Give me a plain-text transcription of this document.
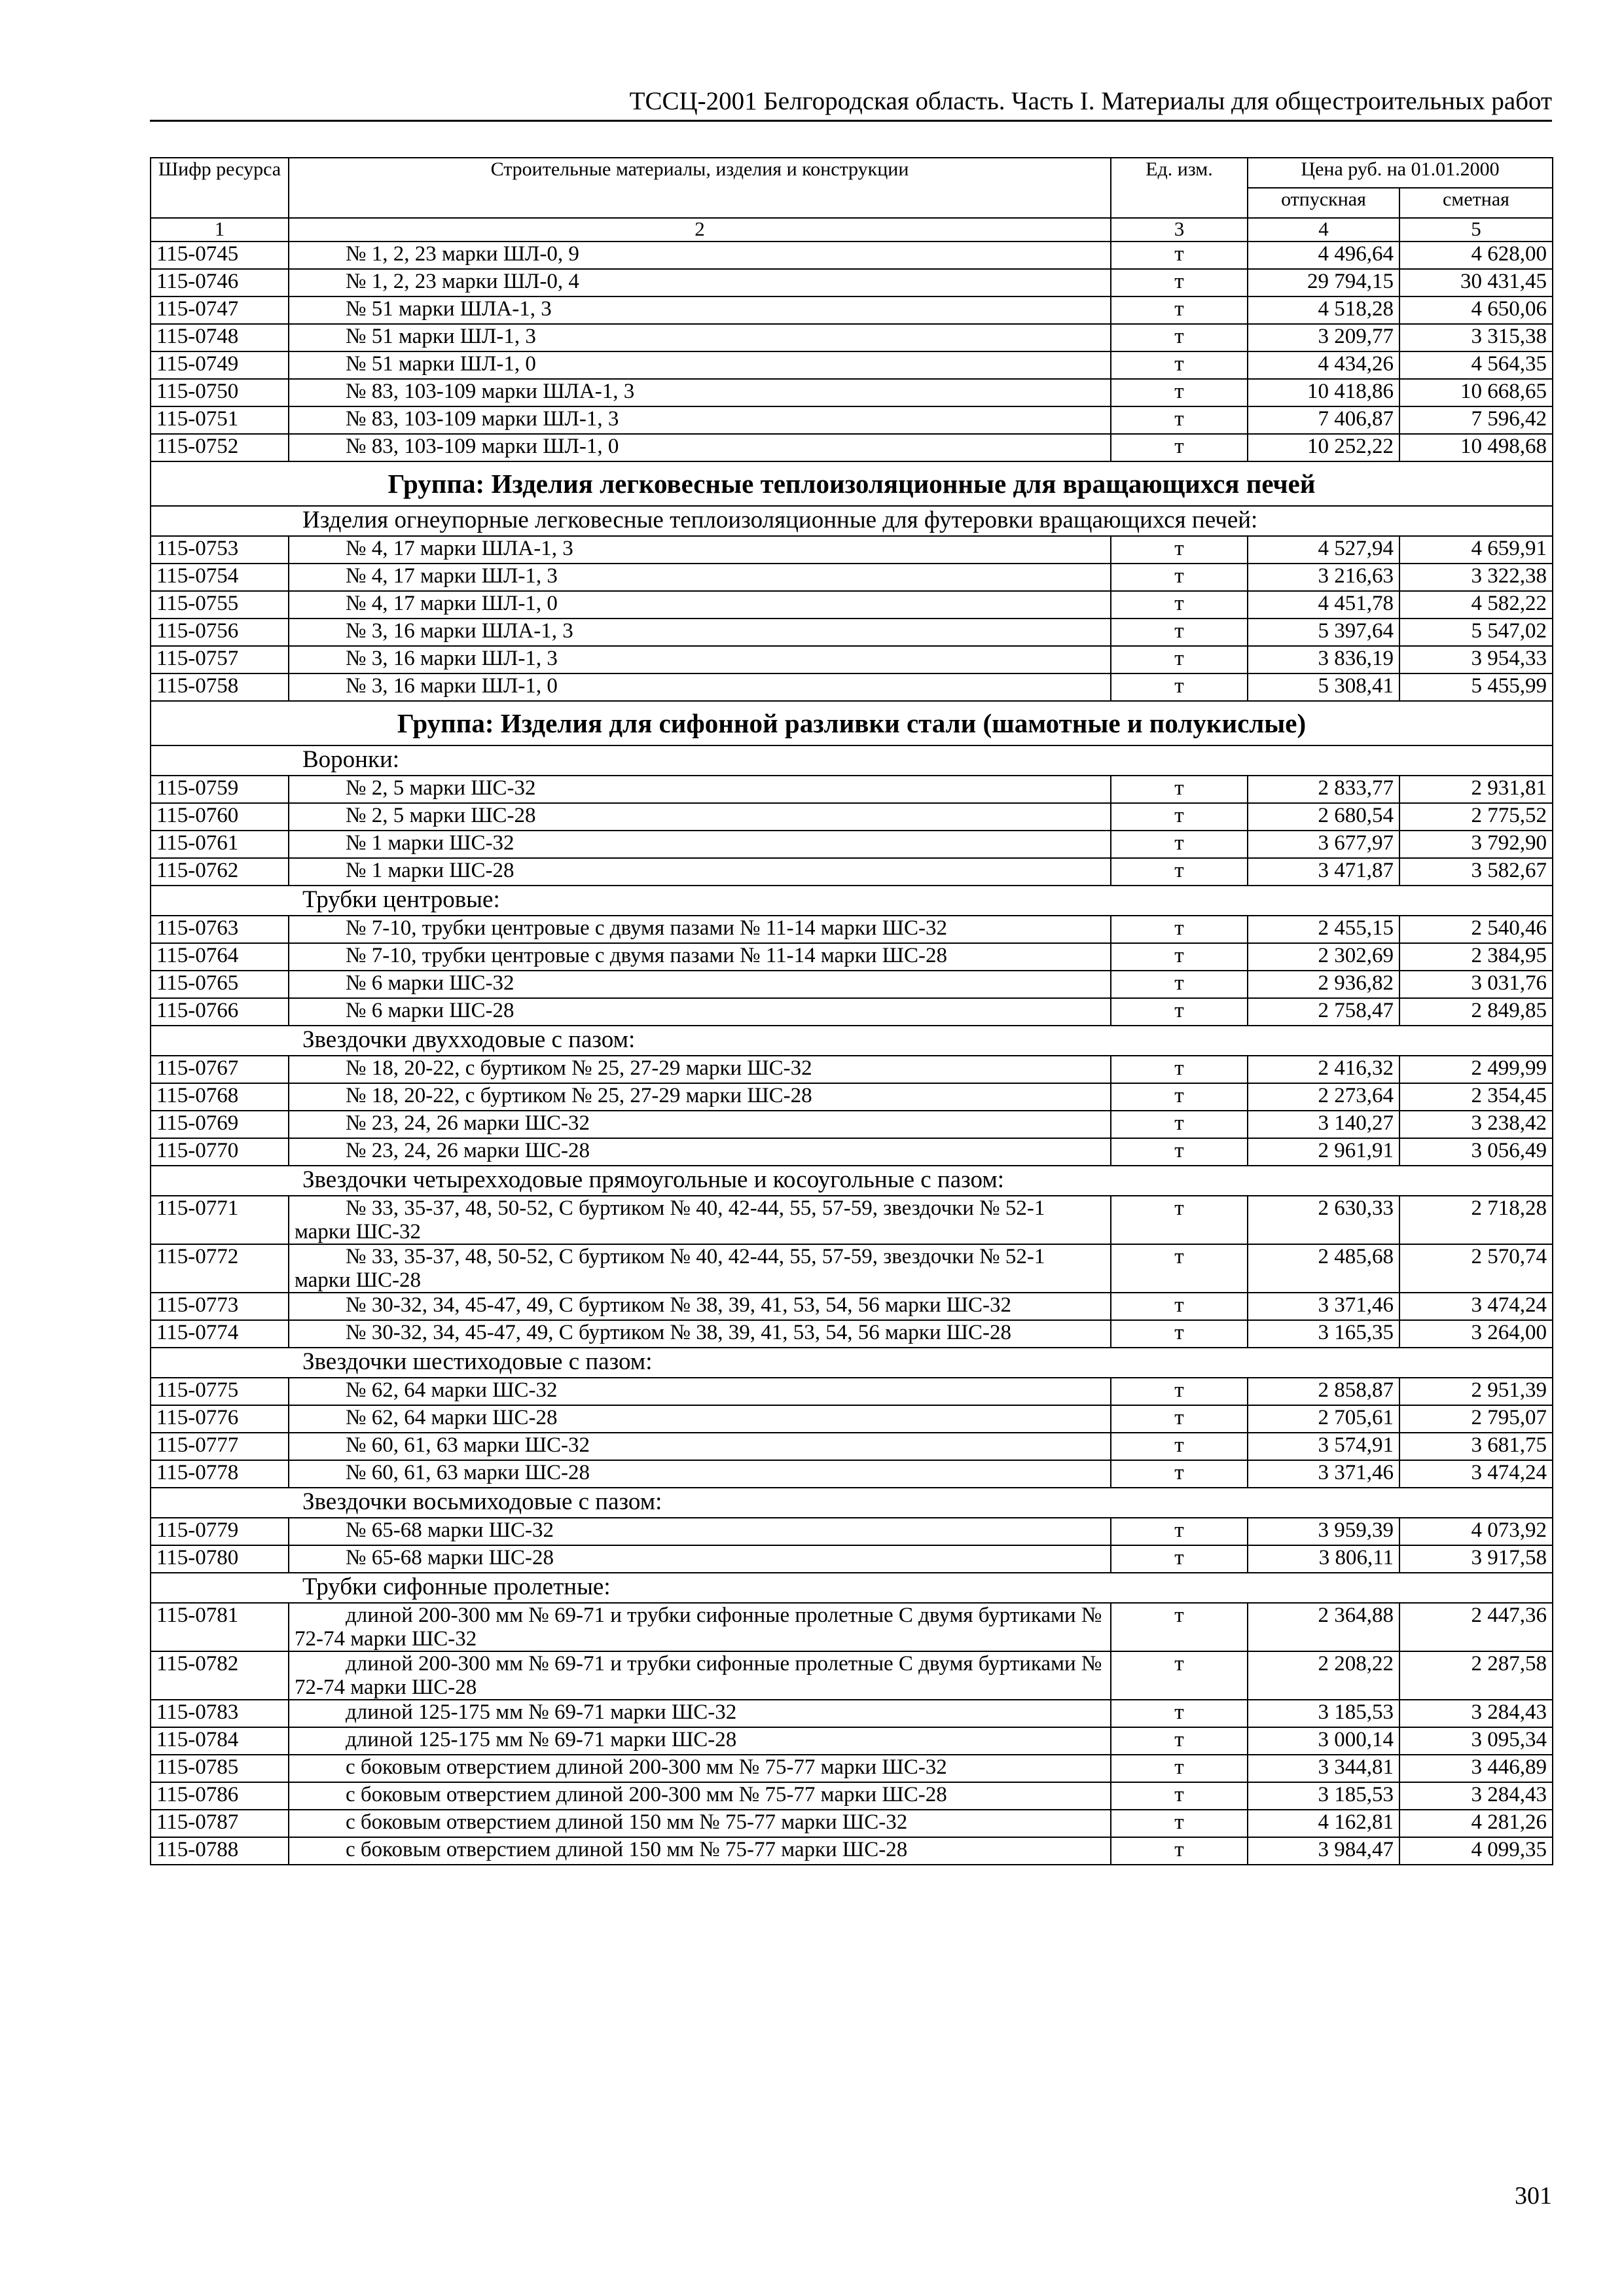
ТССЦ-2001 Белгородская область. Часть I. Материалы для общестроительных работ
Шифр ресурса	Строительные материалы, изделия и конструкции	Ед. изм.	Цена руб. на 01.01.2000	
			отпускная	сметная
1	2	3	4	5
115-0745	№ 1, 2, 23 марки ШЛ-0, 9	т	4 496,64	4 628,00
115-0746	№ 1, 2, 23 марки ШЛ-0, 4	т	29 794,15	30 431,45
115-0747	№ 51 марки ШЛА-1, 3	т	4 518,28	4 650,06
115-0748	№ 51 марки ШЛ-1, 3	т	3 209,77	3 315,38
115-0749	№ 51 марки ШЛ-1, 0	т	4 434,26	4 564,35
115-0750	№ 83, 103-109 марки ШЛА-1, 3	т	10 418,86	10 668,65
115-0751	№ 83, 103-109 марки ШЛ-1, 3	т	7 406,87	7 596,42
115-0752	№ 83, 103-109 марки ШЛ-1, 0	т	10 252,22	10 498,68
Группа: Изделия легковесные теплоизоляционные для вращающихся печей				
Изделия огнеупорные легковесные теплоизоляционные для футеровки вращающихся печей:				
115-0753	№ 4, 17 марки ШЛА-1, 3	т	4 527,94	4 659,91
115-0754	№ 4, 17 марки ШЛ-1, 3	т	3 216,63	3 322,38
115-0755	№ 4, 17 марки ШЛ-1, 0	т	4 451,78	4 582,22
115-0756	№ 3, 16 марки ШЛА-1, 3	т	5 397,64	5 547,02
115-0757	№ 3, 16 марки ШЛ-1, 3	т	3 836,19	3 954,33
115-0758	№ 3, 16 марки ШЛ-1, 0	т	5 308,41	5 455,99
Группа: Изделия для сифонной разливки стали (шамотные и полукислые)				
Воронки:				
115-0759	№ 2, 5 марки ШС-32	т	2 833,77	2 931,81
115-0760	№ 2, 5 марки ШС-28	т	2 680,54	2 775,52
115-0761	№ 1 марки ШС-32	т	3 677,97	3 792,90
115-0762	№ 1 марки ШС-28	т	3 471,87	3 582,67
Трубки центровые:				
115-0763	№ 7-10, трубки центровые с двумя пазами № 11-14 марки ШС-32	т	2 455,15	2 540,46
115-0764	№ 7-10, трубки центровые с двумя пазами № 11-14 марки ШС-28	т	2 302,69	2 384,95
115-0765	№ 6 марки ШС-32	т	2 936,82	3 031,76
115-0766	№ 6 марки ШС-28	т	2 758,47	2 849,85
Звездочки двухходовые с пазом:				
115-0767	№ 18, 20-22, с буртиком № 25, 27-29 марки ШС-32	т	2 416,32	2 499,99
115-0768	№ 18, 20-22, с буртиком № 25, 27-29 марки ШС-28	т	2 273,64	2 354,45
115-0769	№ 23, 24, 26 марки ШС-32	т	3 140,27	3 238,42
115-0770	№ 23, 24, 26 марки ШС-28	т	2 961,91	3 056,49
Звездочки четырехходовые прямоугольные и косоугольные с пазом:				
115-0771	№ 33, 35-37, 48, 50-52, С буртиком № 40, 42-44, 55, 57-59, звездочки № 52-1 марки ШС-32	т	2 630,33	2 718,28
115-0772	№ 33, 35-37, 48, 50-52, С буртиком № 40, 42-44, 55, 57-59, звездочки № 52-1 марки ШС-28	т	2 485,68	2 570,74
115-0773	№ 30-32, 34, 45-47, 49, С буртиком № 38, 39, 41, 53, 54, 56 марки ШС-32	т	3 371,46	3 474,24
115-0774	№ 30-32, 34, 45-47, 49, С буртиком № 38, 39, 41, 53, 54, 56 марки ШС-28	т	3 165,35	3 264,00
Звездочки шестиходовые с пазом:				
115-0775	№ 62, 64 марки ШС-32	т	2 858,87	2 951,39
115-0776	№ 62, 64 марки ШС-28	т	2 705,61	2 795,07
115-0777	№ 60, 61, 63 марки ШС-32	т	3 574,91	3 681,75
115-0778	№ 60, 61, 63 марки ШС-28	т	3 371,46	3 474,24
Звездочки восьмиходовые с пазом:				
115-0779	№ 65-68 марки ШС-32	т	3 959,39	4 073,92
115-0780	№ 65-68 марки ШС-28	т	3 806,11	3 917,58
Трубки сифонные пролетные:				
115-0781	длиной 200-300 мм № 69-71 и трубки сифонные пролетные С двумя буртиками № 72-74 марки ШС-32	т	2 364,88	2 447,36
115-0782	длиной 200-300 мм № 69-71 и трубки сифонные пролетные С двумя буртиками № 72-74 марки ШС-28	т	2 208,22	2 287,58
115-0783	длиной 125-175 мм № 69-71 марки ШС-32	т	3 185,53	3 284,43
115-0784	длиной 125-175 мм № 69-71 марки ШС-28	т	3 000,14	3 095,34
115-0785	с боковым отверстием длиной 200-300 мм № 75-77 марки ШС-32	т	3 344,81	3 446,89
115-0786	с боковым отверстием длиной 200-300 мм № 75-77 марки ШС-28	т	3 185,53	3 284,43
115-0787	с боковым отверстием длиной 150 мм № 75-77 марки ШС-32	т	4 162,81	4 281,26
115-0788	с боковым отверстием длиной 150 мм № 75-77 марки ШС-28	т	3 984,47	4 099,35
301
